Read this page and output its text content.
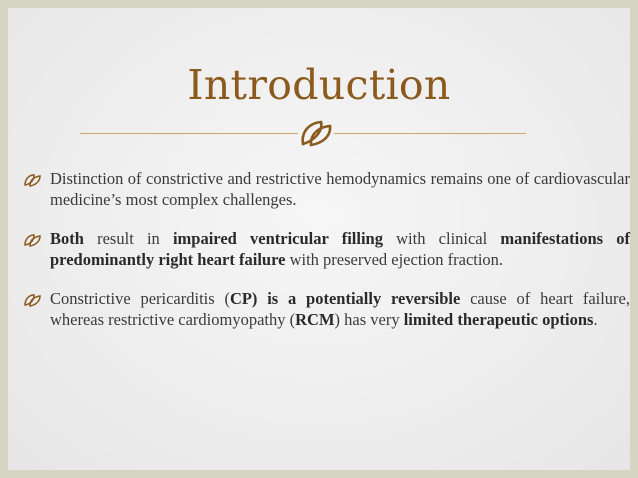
Introduction
Distinction of constrictive and restrictive hemodynamics remains one of cardiovascular medicine’s most complex challenges.
Both result in impaired ventricular filling with clinical manifestations of predominantly right heart failure with preserved ejection fraction.
Constrictive pericarditis (CP) is a potentially reversible cause of heart failure, whereas restrictive cardiomyopathy (RCM) has very limited therapeutic options.
